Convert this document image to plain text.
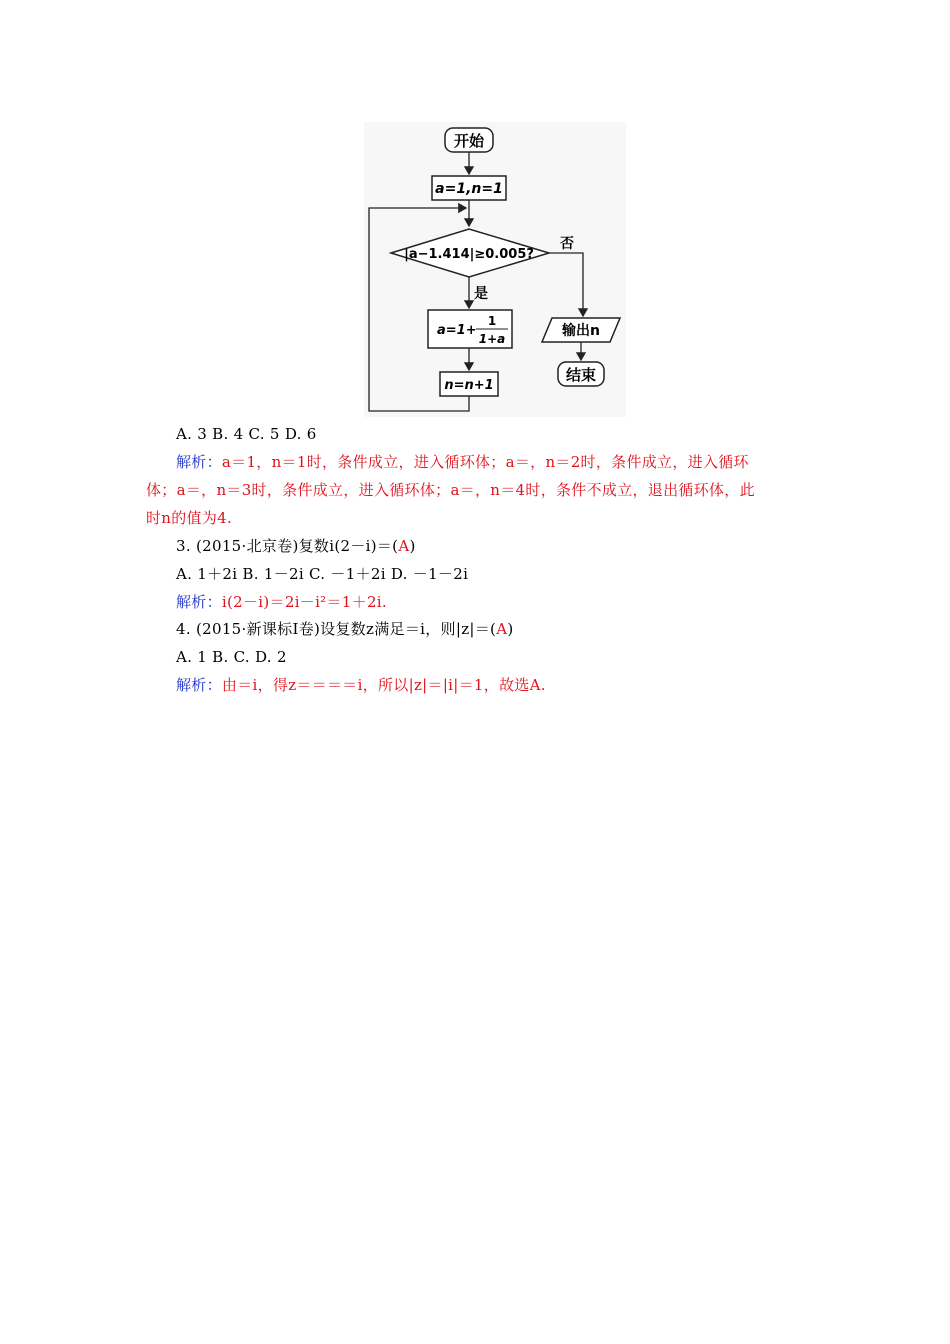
开始
a=1,n=1
|a−1.414|≥0.005?
否
输出n
结束
是
a=1+
1
1+a
n=n+1
A. 3 B. 4 C. 5 D. 6
解析：a＝1，n＝1时，条件成立，进入循环体；a＝，n＝2时，条件成立，进入循环
体；a＝，n＝3时，条件成立，进入循环体；a＝，n＝4时，条件不成立，退出循环体，此
时n的值为4.
3. (2015·北京卷)复数i(2－i)＝(A)
A. 1＋2i B. 1－2i C. －1＋2i D. －1－2i
解析：i(2－i)＝2i－i²＝1＋2i.
4. (2015·新课标Ⅰ卷)设复数z满足＝i，则|z|＝(A)
A. 1 B. C. D. 2
解析：由＝i，得z＝＝＝＝i，所以|z|＝|i|＝1，故选A.
